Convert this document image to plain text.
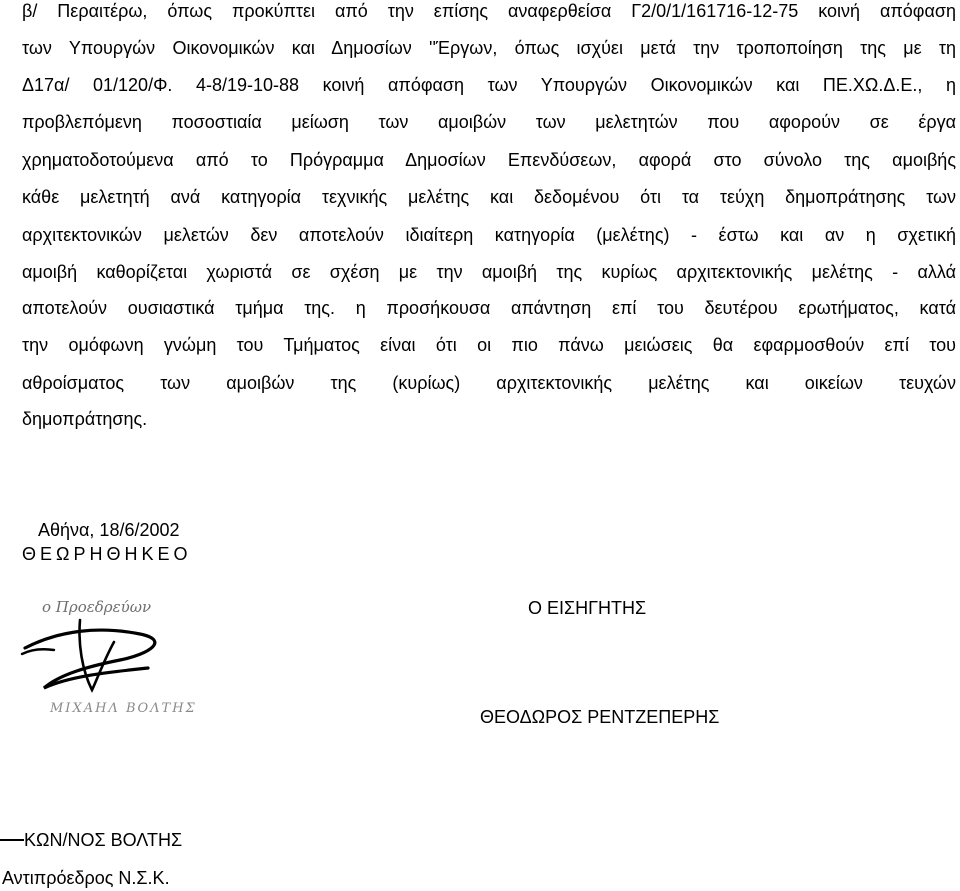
β/ Περαιτέρω, όπως προκύπτει από την επίσης αναφερθείσα Γ2/0/1/161716-12-75 κοινή απόφαση
των Υπουργών Οικονομικών και Δημοσίων ''Έργων, όπως ισχύει μετά την τροποποίηση της με τη
Δ17α/ 01/120/Φ. 4-8/19-10-88 κοινή απόφαση των Υπουργών Οικονομικών και ΠΕ.ΧΩ.Δ.Ε., η
προβλεπόμενη ποσοστιαία μείωση των αμοιβών των μελετητών που αφορούν σε έργα
χρηματοδοτούμενα από το Πρόγραμμα Δημοσίων Επενδύσεων, αφορά στο σύνολο της αμοιβής
κάθε μελετητή ανά κατηγορία τεχνικής μελέτης και δεδομένου ότι τα τεύχη δημοπράτησης των
αρχιτεκτονικών μελετών δεν αποτελούν ιδιαίτερη κατηγορία (μελέτης) - έστω και αν η σχετική
αμοιβή καθορίζεται χωριστά σε σχέση με την αμοιβή της κυρίως αρχιτεκτονικής μελέτης - αλλά
αποτελούν ουσιαστικά τμήμα της. η προσήκουσα απάντηση επί του δευτέρου ερωτήματος, κατά
την ομόφωνη γνώμη του Τμήματος είναι ότι οι πιο πάνω μειώσεις θα εφαρμοσθούν επί του
αθροίσματος των αμοιβών της (κυρίως) αρχιτεκτονικής μελέτης και οικείων τευχών
δημοπράτησης.
Αθήνα, 18/6/2002
ΘΕΩΡΗΘΗΚΕΟ
Ο ΕΙΣΗΓΗΤΗΣ
ΘΕΟΔΩΡΟΣ ΡΕΝΤΖΕΠΕΡΗΣ
ο Προεδρεύων
ΜΙΧΑΗΛ ΒΟΛΤΗΣ
ΚΩΝ/ΝΟΣ ΒΟΛΤΗΣ
Αντιπρόεδρος Ν.Σ.Κ.
